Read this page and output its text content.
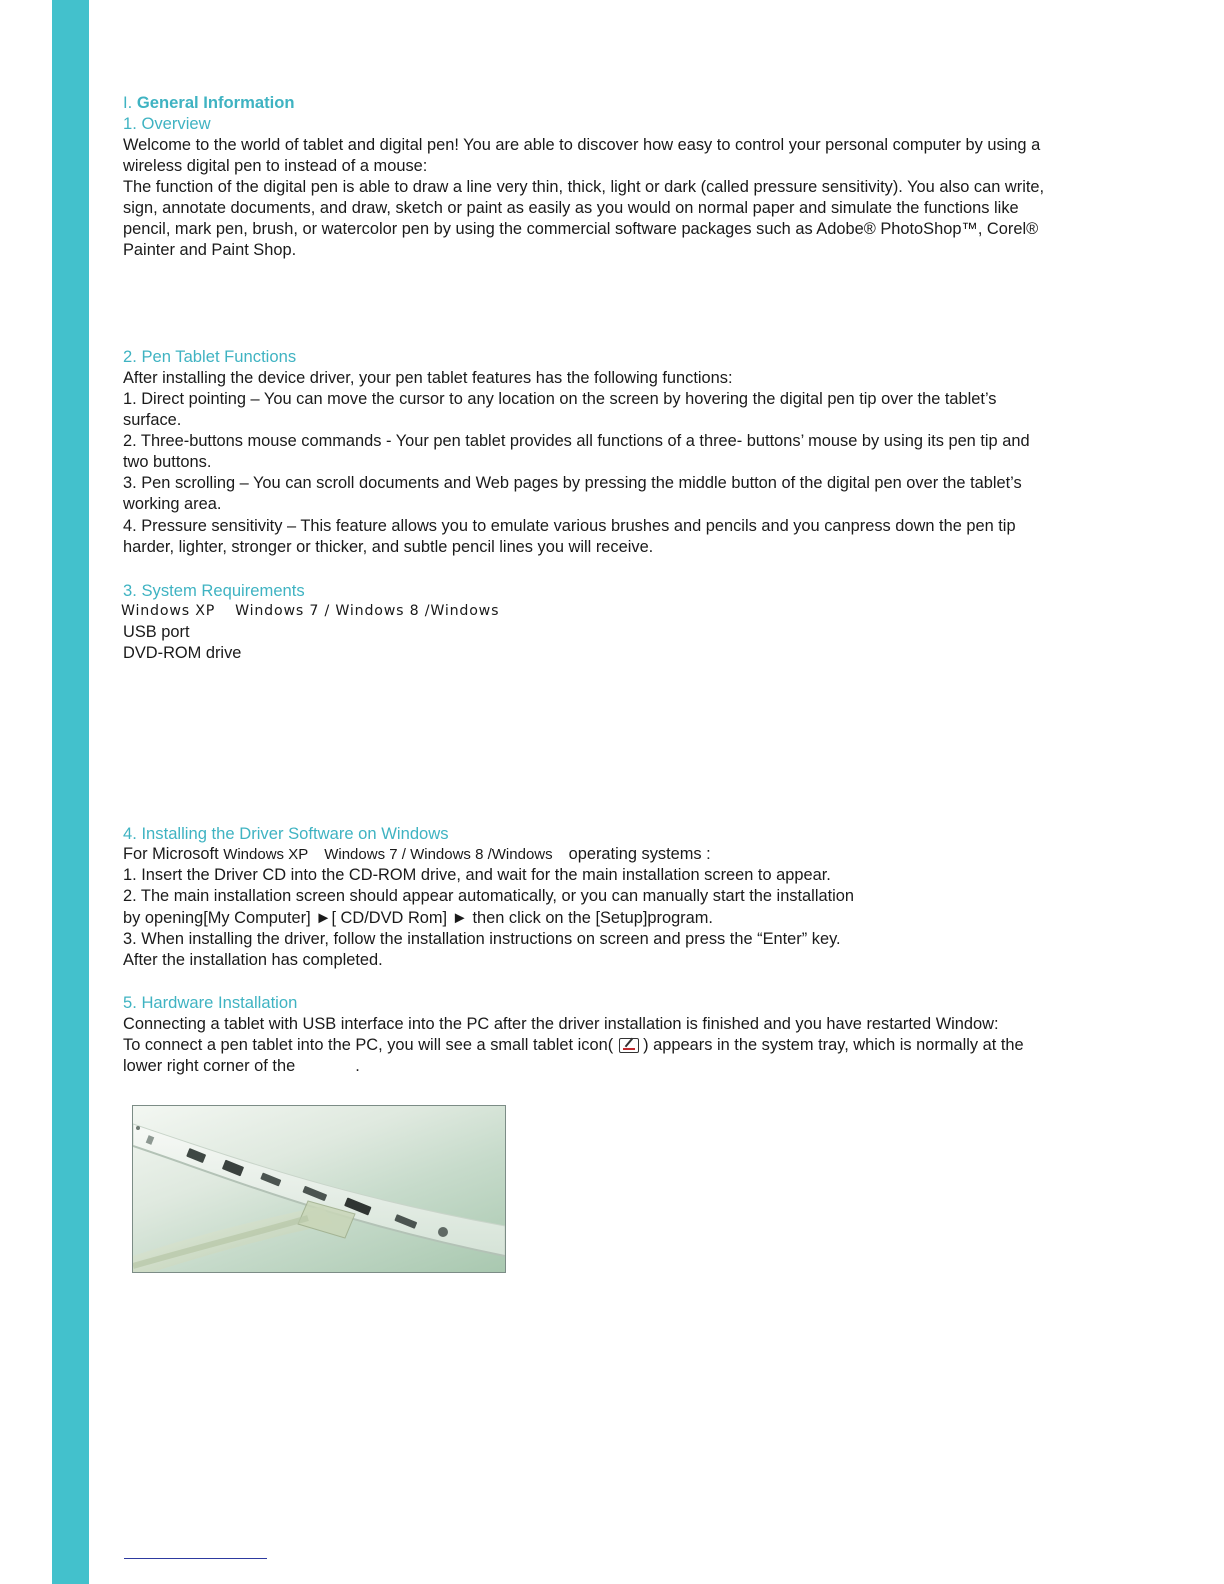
I. General Information
1. Overview
Welcome to the world of tablet and digital pen! You are able to discover how easy to control your personal computer by using a
wireless digital pen to instead of a mouse:
The function of the digital pen is able to draw a line very thin, thick, light or dark (called pressure sensitivity). You also can write,
sign, annotate documents, and draw, sketch or paint as easily as you would on normal paper and simulate the functions like
pencil, mark pen, brush, or watercolor pen by using the commercial software packages such as Adobe® PhotoShop™, Corel®
Painter and Paint Shop.
2. Pen Tablet Functions
After installing the device driver, your pen tablet features has the following functions:
1. Direct pointing – You can move the cursor to any location on the screen by hovering the digital pen tip over the tablet’s
surface.
2. Three-buttons mouse commands - Your pen tablet provides all functions of a three- buttons’ mouse by using its pen tip and
two buttons.
3. Pen scrolling – You can scroll documents and Web pages by pressing the middle button of the digital pen over the tablet’s
working area.
4. Pressure sensitivity – This feature allows you to emulate various brushes and pencils and you canpress down the pen tip
harder, lighter, stronger or thicker, and subtle pencil lines you will receive.
3. System Requirements
Windows XP Windows 7 / Windows 8 /Windows
USB port
DVD-ROM drive
4. Installing the Driver Software on Windows
For Microsoft Windows XP Windows 7 / Windows 8 /Windows operating systems :
1. Insert the Driver CD into the CD-ROM drive, and wait for the main installation screen to appear.
2. The main installation screen should appear automatically, or you can manually start the installation
by opening[My Computer] ►[ CD/DVD Rom] ► then click on the [Setup]program.
3. When installing the driver, follow the installation instructions on screen and press the “Enter” key.
After the installation has completed.
5. Hardware Installation
Connecting a tablet with USB interface into the PC after the driver installation is finished and you have restarted Window:
To connect a pen tablet into the PC, you will see a small tablet icon( ) appears in the system tray, which is normally at the
lower right corner of the	.
